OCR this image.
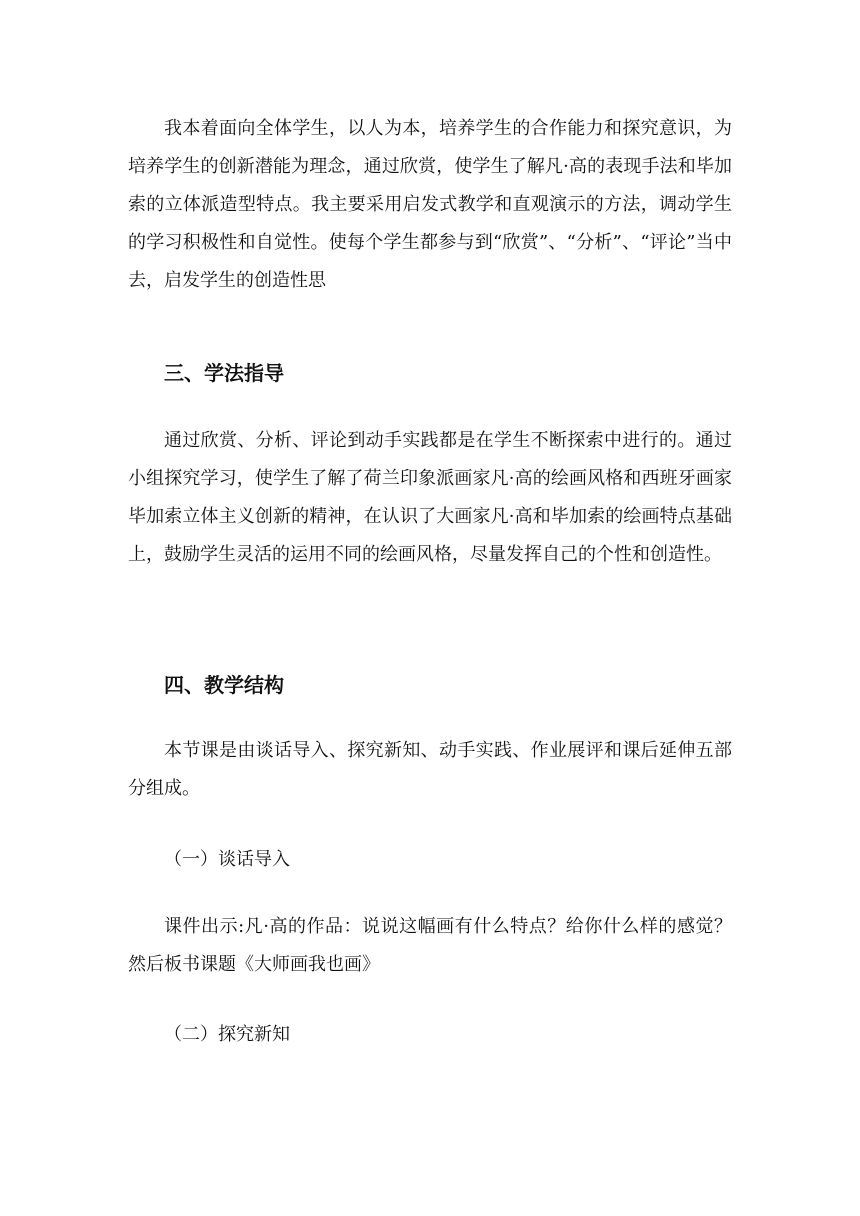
我本着面向全体学生，以人为本，培养学生的合作能力和探究意识，为培养学生的创新潜能为理念，通过欣赏，使学生了解凡·高的表现手法和毕加索的立体派造型特点。我主要采用启发式教学和直观演示的方法，调动学生的学习积极性和自觉性。使每个学生都参与到“欣赏”、“分析”、“评论”当中去，启发学生的创造性思

三、学法指导

通过欣赏、分析、评论到动手实践都是在学生不断探索中进行的。通过小组探究学习，使学生了解了荷兰印象派画家凡·高的绘画风格和西班牙画家毕加索立体主义创新的精神，在认识了大画家凡·高和毕加索的绘画特点基础上，鼓励学生灵活的运用不同的绘画风格，尽量发挥自己的个性和创造性。

四、教学结构

本节课是由谈话导入、探究新知、动手实践、作业展评和课后延伸五部分组成。

（一）谈话导入

课件出示:凡·高的作品：说说这幅画有什么特点？给你什么样的感觉？然后板书课题《大师画我也画》

（二）探究新知
